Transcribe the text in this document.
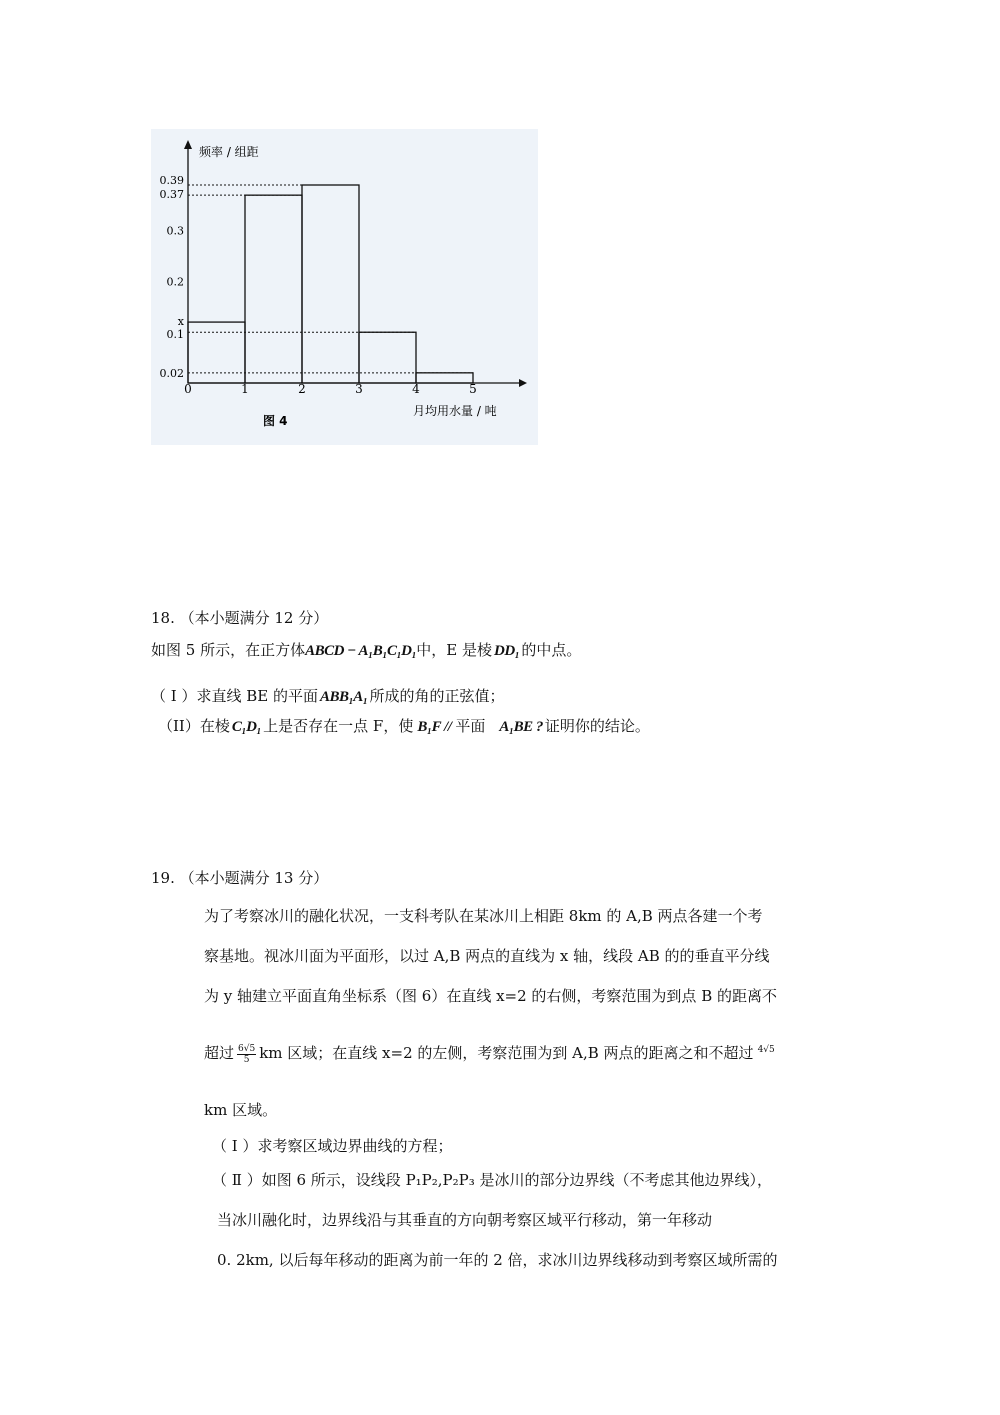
0.39
0.37
0.3
0.2
x
0.1
0.02
0	1	2	3	4	5
频率 / 组距
月均用水量 / 吨
图 4
18. （本小题满分 12 分）
如图 5 所示，在正方体ABCD − A₁B₁C₁D₁中，E 是棱 DD₁ 的中点。
（ Ⅰ ）求直线 BE 的平面 ABB₁A₁ 所成的角的正弦值；
（II）在棱 C₁D₁ 上是否存在一点 F，使 B₁F // 平面 A₁BE ? 证明你的结论。
19. （本小题满分 13 分）
为了考察冰川的融化状况，一支科考队在某冰川上相距 8km 的 A,B 两点各建一个考
察基地。视冰川面为平面形，以过 A,B 两点的直线为 x 轴，线段 AB 的的垂直平分线
为 y 轴建立平面直角坐标系（图 6）在直线 x=2 的右侧，考察范围为到点 B 的距离不
超过 $\frac{6√5}{5}$ km 区域；在直线 x=2 的左侧，考察范围为到 A,B 两点的距离之和不超过 $^{4√5}$
km 区域。
（ Ⅰ ）求考察区域边界曲线的方程；
（ Ⅱ ）如图 6 所示，设线段 P₁P₂,P₂P₃ 是冰川的部分边界线（不考虑其他边界线），
当冰川融化时，边界线沿与其垂直的方向朝考察区域平行移动，第一年移动
0. 2km, 以后每年移动的距离为前一年的 2 倍，求冰川边界线移动到考察区域所需的
